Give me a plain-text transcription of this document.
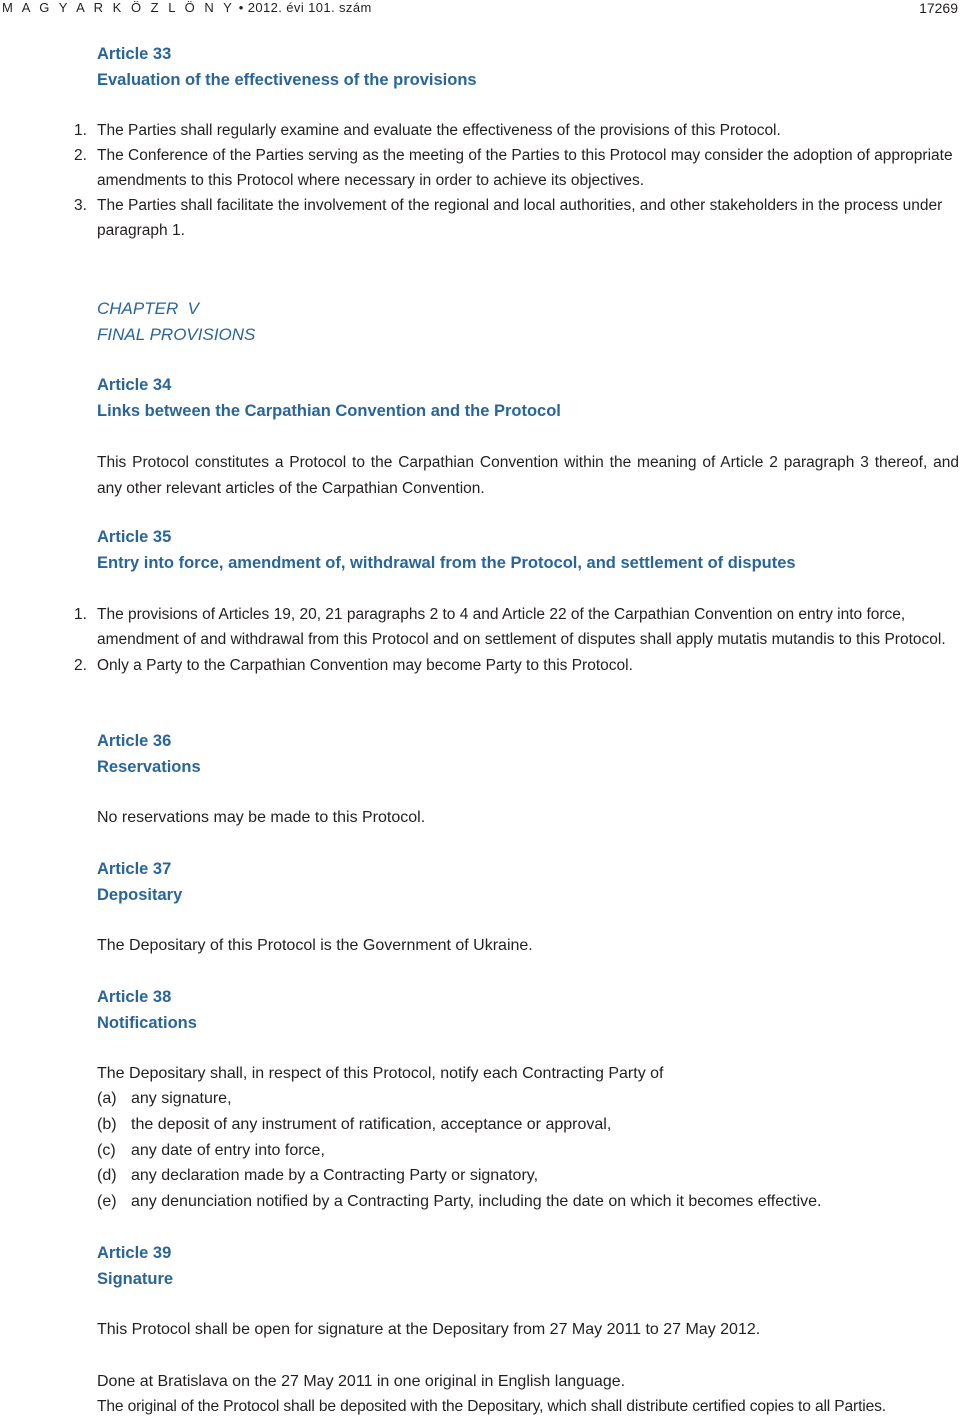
M A G Y A R K Ö Z L Ö N Y • 2012. évi 101. szám	17269
Article 33
Evaluation of the effectiveness of the provisions
1. The Parties shall regularly examine and evaluate the effectiveness of the provisions of this Protocol.
2. The Conference of the Parties serving as the meeting of the Parties to this Protocol may consider the adoption of appropriate amendments to this Protocol where necessary in order to achieve its objectives.
3. The Parties shall facilitate the involvement of the regional and local authorities, and other stakeholders in the process under paragraph 1.
CHAPTER  V
FINAL PROVISIONS
Article 34
Links between the Carpathian Convention and the Protocol
This Protocol constitutes a Protocol to the Carpathian Convention within the meaning of Article 2 paragraph 3 thereof, and any other relevant articles of the Carpathian Convention.
Article 35
Entry into force, amendment of, withdrawal from the Protocol, and settlement of disputes
1. The provisions of Articles 19, 20, 21 paragraphs 2 to 4 and Article 22 of the Carpathian Convention on entry into force, amendment of and withdrawal from this Protocol and on settlement of disputes shall apply mutatis mutandis to this Protocol.
2. Only a Party to the Carpathian Convention may become Party to this Protocol.
Article 36
Reservations
No reservations may be made to this Protocol.
Article 37
Depositary
The Depositary of this Protocol is the Government of Ukraine.
Article 38
Notifications
The Depositary shall, in respect of this Protocol, notify each Contracting Party of
(a) any signature,
(b) the deposit of any instrument of ratification, acceptance or approval,
(c) any date of entry into force,
(d) any declaration made by a Contracting Party or signatory,
(e) any denunciation notified by a Contracting Party, including the date on which it becomes effective.
Article 39
Signature
This Protocol shall be open for signature at the Depositary from 27 May 2011 to 27 May 2012.
Done at Bratislava on the 27 May 2011 in one original in English language.
The original of the Protocol shall be deposited with the Depositary, which shall distribute certified copies to all Parties.
